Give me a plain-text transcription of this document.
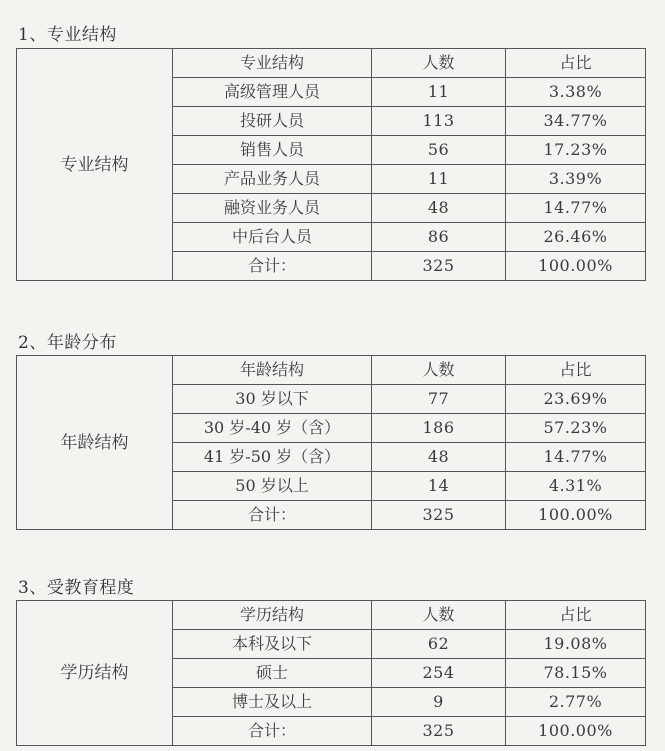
1、专业结构
专业结构	专业结构	人数	占比
	高级管理人员	11	3.38%
	投研人员	113	34.77%
	销售人员	56	17.23%
	产品业务人员	11	3.39%
	融资业务人员	48	14.77%
	中后台人员	86	26.46%
	合计：	325	100.00%
2、年龄分布
年龄结构	年龄结构	人数	占比
	30 岁以下	77	23.69%
	30 岁-40 岁（含）	186	57.23%
	41 岁-50 岁（含）	48	14.77%
	50 岁以上	14	4.31%
	合计：	325	100.00%
3、受教育程度
学历结构	学历结构	人数	占比
	本科及以下	62	19.08%
	硕士	254	78.15%
	博士及以上	9	2.77%
	合计：	325	100.00%
